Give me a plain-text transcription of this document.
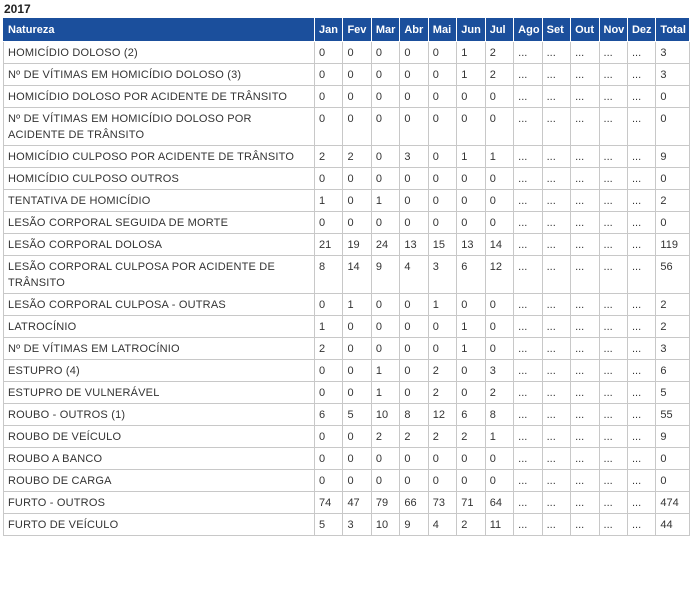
2017
Natureza	Jan	Fev	Mar	Abr	Mai	Jun	Jul	Ago	Set	Out	Nov	Dez	Total
HOMICÍDIO DOLOSO (2)	0	0	0	0	0	1	2	...	...	...	...	...	3
Nº DE VÍTIMAS EM HOMICÍDIO DOLOSO (3)	0	0	0	0	0	1	2	...	...	...	...	...	3
HOMICÍDIO DOLOSO POR ACIDENTE DE TRÂNSITO	0	0	0	0	0	0	0	...	...	...	...	...	0
Nº DE VÍTIMAS EM HOMICÍDIO DOLOSO POR ACIDENTE DE TRÂNSITO	0	0	0	0	0	0	0	...	...	...	...	...	0
HOMICÍDIO CULPOSO POR ACIDENTE DE TRÂNSITO	2	2	0	3	0	1	1	...	...	...	...	...	9
HOMICÍDIO CULPOSO OUTROS	0	0	0	0	0	0	0	...	...	...	...	...	0
TENTATIVA DE HOMICÍDIO	1	0	1	0	0	0	0	...	...	...	...	...	2
LESÃO CORPORAL SEGUIDA DE MORTE	0	0	0	0	0	0	0	...	...	...	...	...	0
LESÃO CORPORAL DOLOSA	21	19	24	13	15	13	14	...	...	...	...	...	119
LESÃO CORPORAL CULPOSA POR ACIDENTE DE TRÂNSITO	8	14	9	4	3	6	12	...	...	...	...	...	56
LESÃO CORPORAL CULPOSA - OUTRAS	0	1	0	0	1	0	0	...	...	...	...	...	2
LATROCÍNIO	1	0	0	0	0	1	0	...	...	...	...	...	2
Nº DE VÍTIMAS EM LATROCÍNIO	2	0	0	0	0	1	0	...	...	...	...	...	3
ESTUPRO (4)	0	0	1	0	2	0	3	...	...	...	...	...	6
ESTUPRO DE VULNERÁVEL	0	0	1	0	2	0	2	...	...	...	...	...	5
ROUBO - OUTROS (1)	6	5	10	8	12	6	8	...	...	...	...	...	55
ROUBO DE VEÍCULO	0	0	2	2	2	2	1	...	...	...	...	...	9
ROUBO A BANCO	0	0	0	0	0	0	0	...	...	...	...	...	0
ROUBO DE CARGA	0	0	0	0	0	0	0	...	...	...	...	...	0
FURTO - OUTROS	74	47	79	66	73	71	64	...	...	...	...	...	474
FURTO DE VEÍCULO	5	3	10	9	4	2	11	...	...	...	...	...	44
